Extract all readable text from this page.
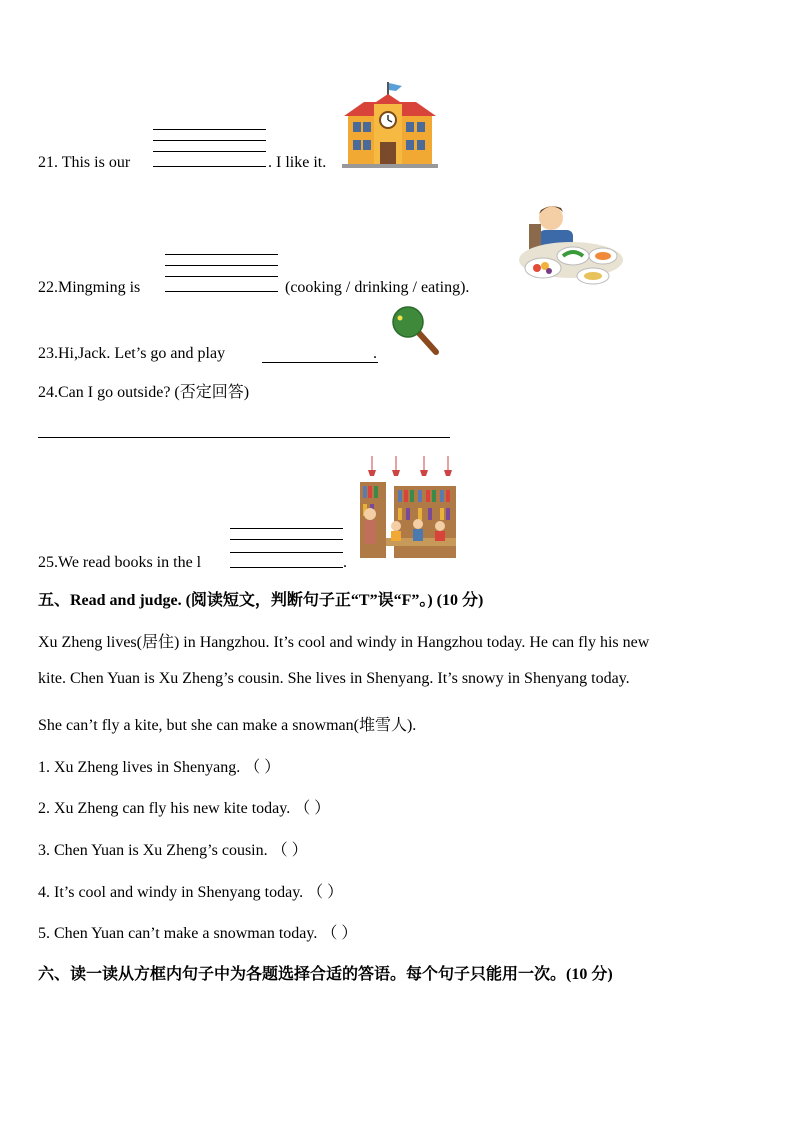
21. This is our	. I like it.
22.Mingming is	(cooking / drinking / eating).
23.Hi,Jack. Let’s go and play	.
24.Can I go outside? (否定回答)
25.We read books in the l	.
五、Read and judge. (阅读短文，判断句子正“T”误“F”。) (10 分)
Xu Zheng lives(居住) in Hangzhou. It’s cool and windy in Hangzhou today. He can fly his new
kite. Chen Yuan is Xu Zheng’s cousin. She lives in Shenyang. It’s snowy in Shenyang today.
She can’t fly a kite, but she can make a snowman(堆雪人).
1. Xu Zheng lives in Shenyang. （ ）
2. Xu Zheng can fly his new kite today. （ ）
3. Chen Yuan is Xu Zheng’s cousin. （ ）
4. It’s cool and windy in Shenyang today. （ ）
5. Chen Yuan can’t make a snowman today. （ ）
六、读一读从方框内句子中为各题选择合适的答语。每个句子只能用一次。(10 分)
